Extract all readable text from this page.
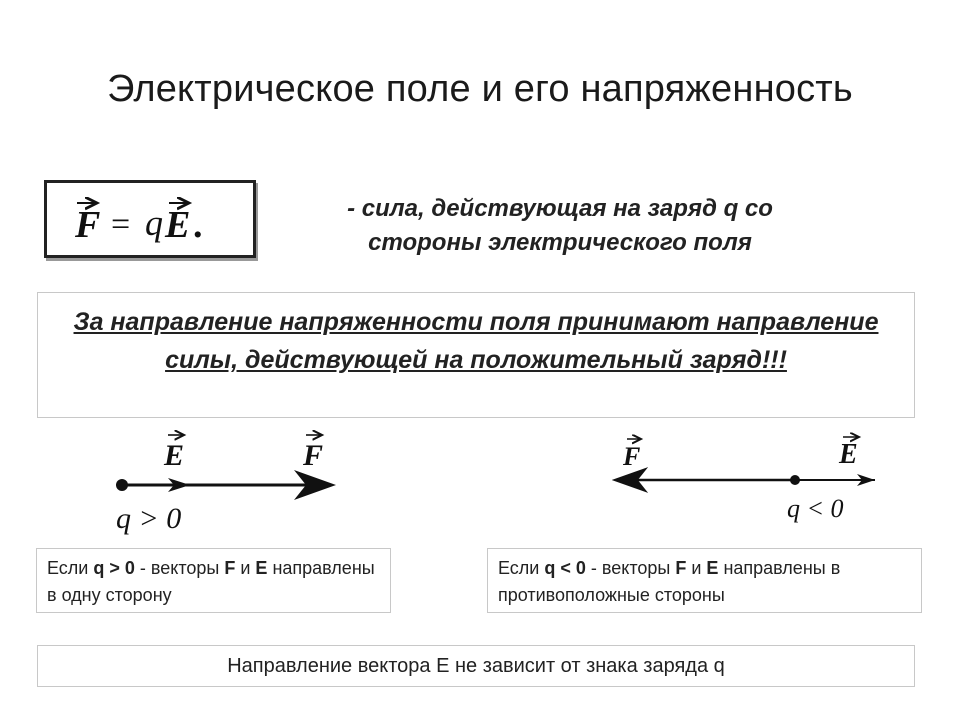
Электрическое поле и его напряженность
F = q E .	- сила, действующая на заряд q со стороны электрического поля
За направление напряженности поля принимают направление силы, действующей на положительный заряд!!!
E	F
q > 0
F	E
q < 0
Если q > 0 - векторы F и E направлены в одну сторону
Если q < 0 - векторы F и E направлены в противоположные стороны
Направление вектора Е не зависит от знака заряда q
